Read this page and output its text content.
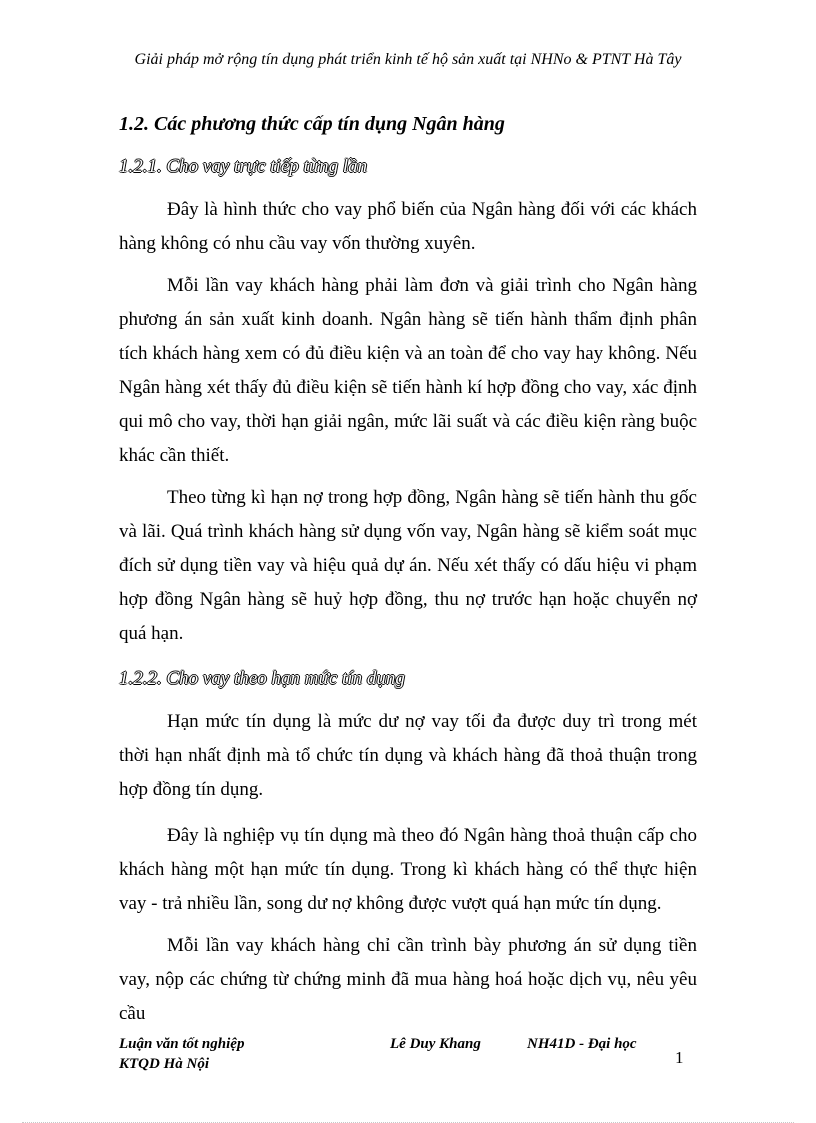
Giải pháp mở rộng tín dụng phát triển kinh tế hộ sản xuất tại NHNo & PTNT Hà Tây
1.2. Các phương thức cấp tín dụng Ngân hàng
1.2.1. Cho vay trực tiếp từng lần

Đây là hình thức cho vay phổ biến của Ngân hàng đối với các khách hàng không có nhu cầu vay vốn thường xuyên.

Mỗi lần vay khách hàng phải làm đơn và giải trình cho Ngân hàng phương án sản xuất kinh doanh. Ngân hàng sẽ tiến hành thẩm định phân tích khách hàng xem có đủ điều kiện và an toàn để cho vay hay không. Nếu Ngân hàng xét thấy đủ điều kiện sẽ tiến hành kí hợp đồng cho vay, xác định qui mô cho vay, thời hạn giải ngân, mức lãi suất và các điều kiện ràng buộc khác cần thiết.

Theo từng kì hạn nợ trong hợp đồng, Ngân hàng sẽ tiến hành thu gốc và lãi. Quá trình khách hàng sử dụng vốn vay, Ngân hàng sẽ kiểm soát mục đích sử dụng tiền vay và hiệu quả dự án. Nếu xét thấy có dấu hiệu vi phạm hợp đồng Ngân hàng sẽ huỷ hợp đồng, thu nợ trước hạn hoặc chuyển nợ quá hạn.

1.2.2. Cho vay theo hạn mức tín dụng

Hạn mức tín dụng là mức dư nợ vay tối đa được duy trì trong mét thời hạn nhất định mà tổ chức tín dụng và khách hàng đã thoả thuận trong hợp đồng tín dụng.

Đây là nghiệp vụ tín dụng mà theo đó Ngân hàng thoả thuận cấp cho khách hàng một hạn mức tín dụng. Trong kì khách hàng có thể thực hiện vay - trả nhiều lần, song dư nợ không được vượt quá hạn mức tín dụng.

Mỗi lần vay khách hàng chỉ cần trình bày phương án sử dụng tiền vay, nộp các chứng từ chứng minh đã mua hàng hoá hoặc dịch vụ, nêu yêu cầu

Luận văn tốt nghiệp
KTQD Hà Nội
Lê Duy Khang	NH41D - Đại học
1
